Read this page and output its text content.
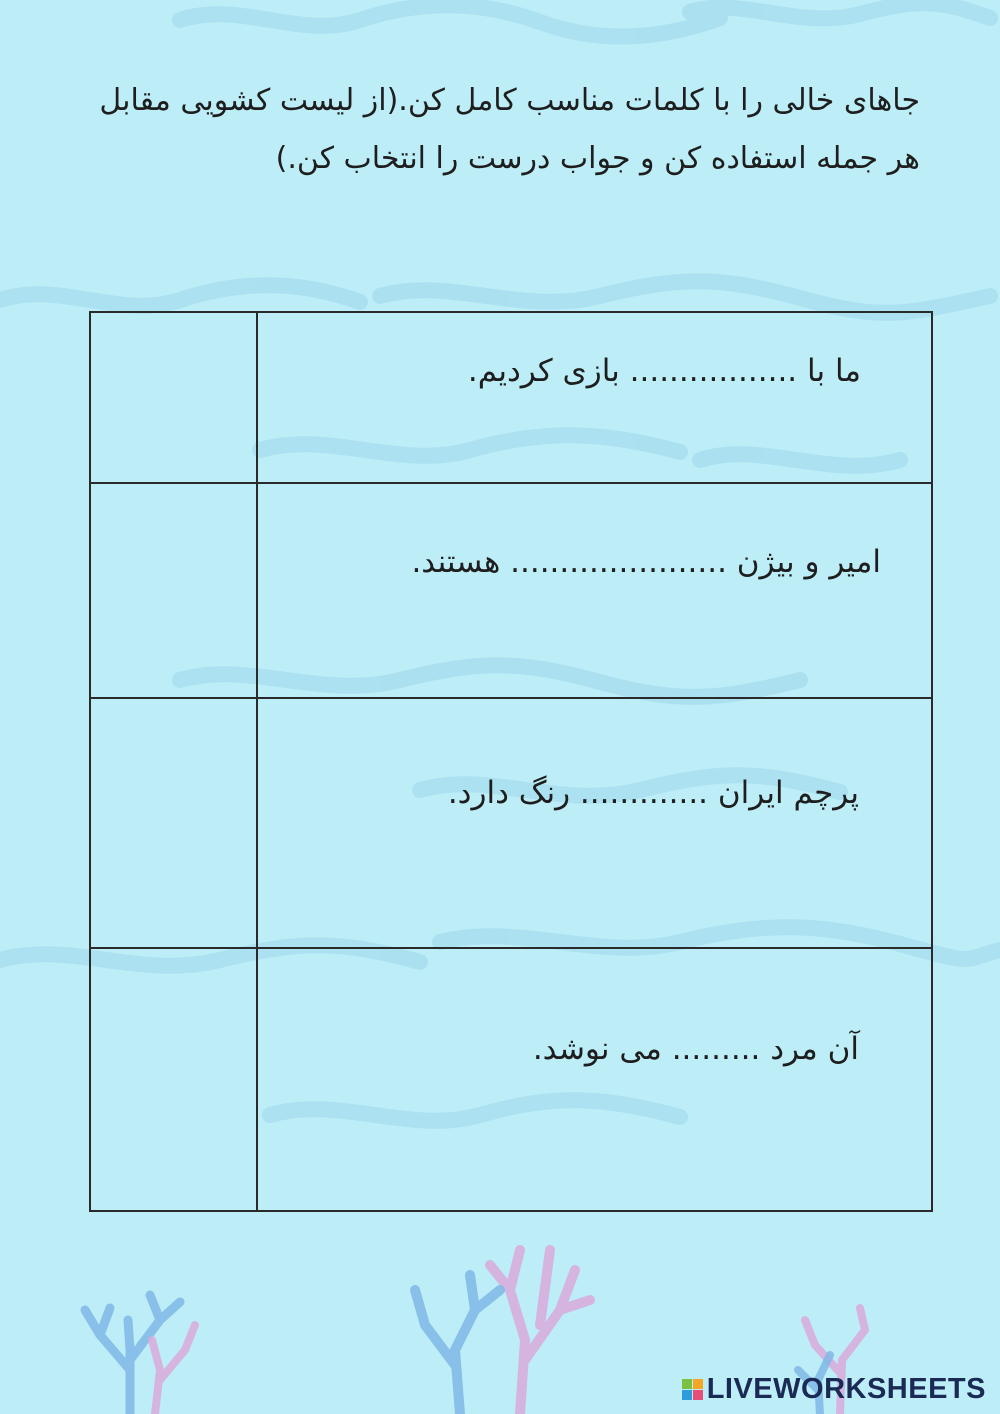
جاهای خالی را با کلمات مناسب کامل کن.(از لیست کشویی مقابل هر جمله استفاده کن و جواب درست را انتخاب کن.)

	ما با ................. بازی کردیم.

	امیر و بیژن ...................... هستند.

	پرچم ایران ............. رنگ دارد.

	آن مرد ......... می نوشد.
LIVEWORKSHEETS
